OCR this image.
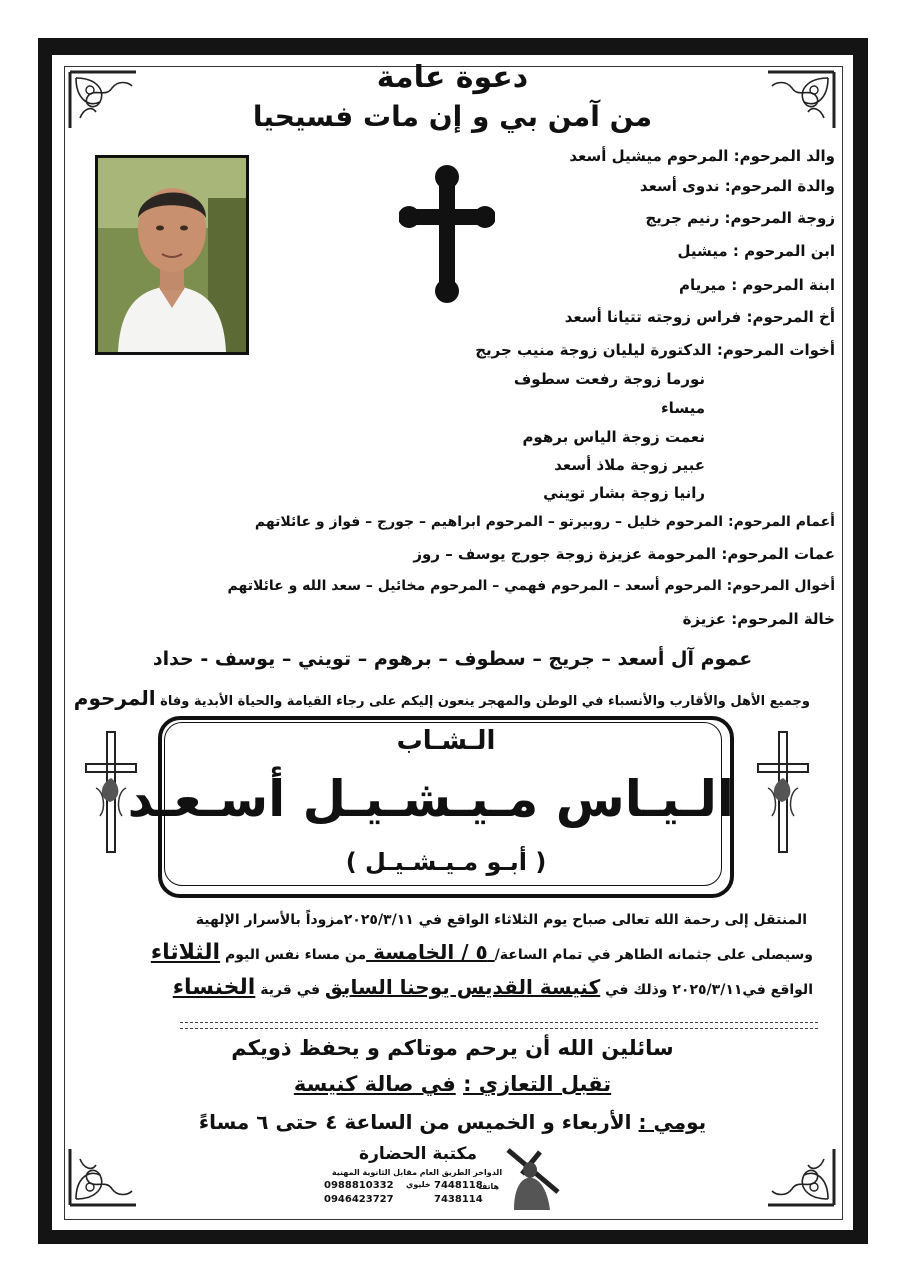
دعوة عامة
من آمن بي و إن مات فسيحيا
والد المرحوم: المرحوم ميشيل أسعد
والدة المرحوم: ندوى أسعد
زوجة المرحوم: رنيم جريج
ابن المرحوم : ميشيل
ابنة المرحوم : ميريام
أخ المرحوم: فراس زوجته تتيانا أسعد
أخوات المرحوم: الدكتورة ليليان زوجة منيب جريج
نورما زوجة رفعت سطوف
ميساء
نعمت زوجة الياس برهوم
عبير زوجة ملاذ أسعد
رانيا زوجة بشار تويني
أعمام المرحوم: المرحوم خليل – روبيرتو – المرحوم ابراهيم – جورج – فواز و عائلاتهم
عمات المرحوم: المرحومة عزيزة زوجة جورج يوسف – روز
أخوال المرحوم: المرحوم أسعد – المرحوم فهمي – المرحوم مخائيل – سعد الله و عائلاتهم
خالة المرحوم: عزيزة
عموم آل أسعد – جريج – سطوف – برهوم – تويني – يوسف - حداد
وجميع الأهل والأقارب والأنسباء في الوطن والمهجر ينعون إليكم على رجاء القيامة والحياة الأبدية وفاة المرحوم
الـشـاب
الـيـاس مـيـشـيـل أسـعـد
( أبـو مـيـشـيـل )
المنتقل إلى رحمة الله تعالى صباح يوم الثلاثاء الواقع في ٢٠٢٥/٣/١١مزوداً بالأسرار الإلهية
وسيصلى على جثمانه الطاهر في تمام الساعة/ ٥ / الخامسة من مساء نفس اليوم الثلاثاء
الواقع في٢٠٢٥/٣/١١ وذلك في كنيسة القديس يوحنا السابق في قرية الخنساء
سائلين الله أن يرحم موتاكم و يحفظ ذويكم
تقبل التعازي : في صالة كنيسة
يومي : الأربعاء و الخميس من الساعة ٤ حتى ٦ مساءً
مكتبة الحضارة
الدواخر الطريق العام مقابل الثانوية المهنية
0988810332
0946423727
خليوي 7448118
هاتف
7438114
